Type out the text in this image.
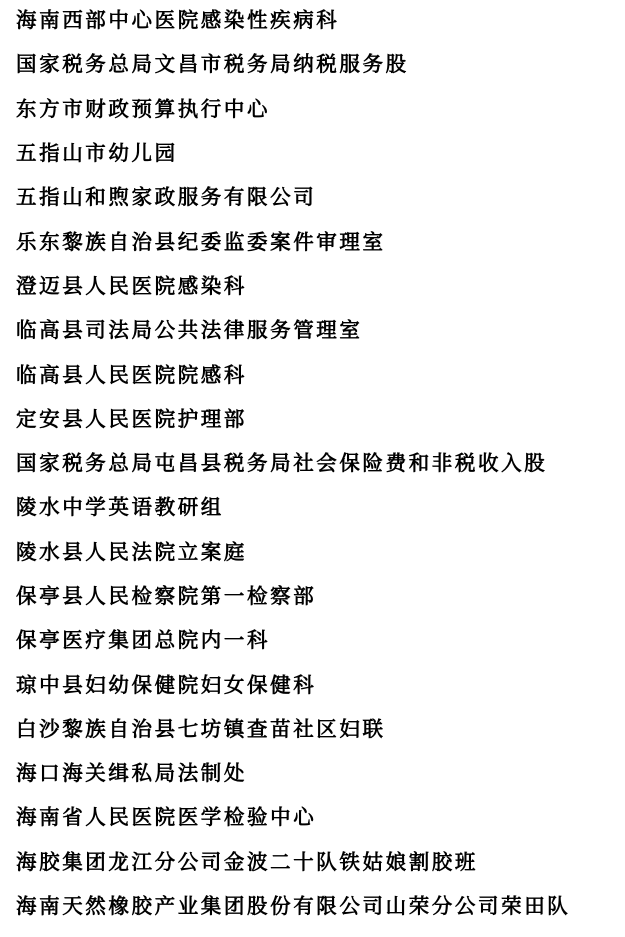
海南西部中心医院感染性疾病科
国家税务总局文昌市税务局纳税服务股
东方市财政预算执行中心
五指山市幼儿园
五指山和煦家政服务有限公司
乐东黎族自治县纪委监委案件审理室
澄迈县人民医院感染科
临高县司法局公共法律服务管理室
临高县人民医院院感科
定安县人民医院护理部
国家税务总局屯昌县税务局社会保险费和非税收入股
陵水中学英语教研组
陵水县人民法院立案庭
保亭县人民检察院第一检察部
保亭医疗集团总院内一科
琼中县妇幼保健院妇女保健科
白沙黎族自治县七坊镇查苗社区妇联
海口海关缉私局法制处
海南省人民医院医学检验中心
海胶集团龙江分公司金波二十队铁姑娘割胶班
海南天然橡胶产业集团股份有限公司山荣分公司荣田队
